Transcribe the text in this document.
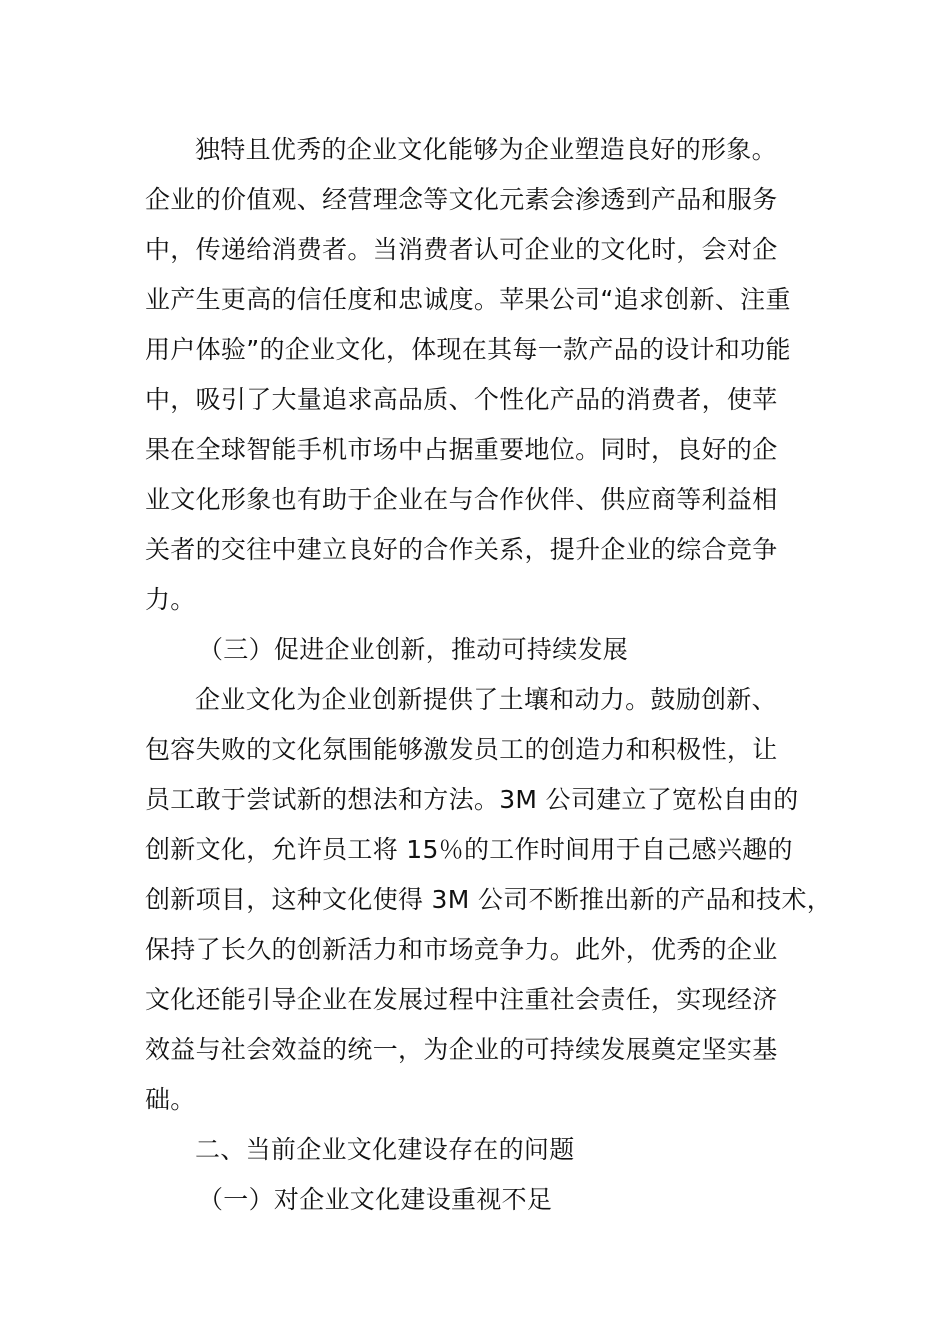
独特且优秀的企业文化能够为企业塑造良好的形象。
企业的价值观、经营理念等文化元素会渗透到产品和服务
中，传递给消费者。当消费者认可企业的文化时，会对企
业产生更高的信任度和忠诚度。苹果公司“追求创新、注重
用户体验”的企业文化，体现在其每一款产品的设计和功能
中，吸引了大量追求高品质、个性化产品的消费者，使苹
果在全球智能手机市场中占据重要地位。同时，良好的企
业文化形象也有助于企业在与合作伙伴、供应商等利益相
关者的交往中建立良好的合作关系，提升企业的综合竞争
力。
（三）促进企业创新，推动可持续发展
企业文化为企业创新提供了土壤和动力。鼓励创新、
包容失败的文化氛围能够激发员工的创造力和积极性，让
员工敢于尝试新的想法和方法。3M 公司建立了宽松自由的
创新文化，允许员工将 15％的工作时间用于自己感兴趣的
创新项目，这种文化使得 3M 公司不断推出新的产品和技术，
保持了长久的创新活力和市场竞争力。此外，优秀的企业
文化还能引导企业在发展过程中注重社会责任，实现经济
效益与社会效益的统一，为企业的可持续发展奠定坚实基
础。
二、当前企业文化建设存在的问题
（一）对企业文化建设重视不足
